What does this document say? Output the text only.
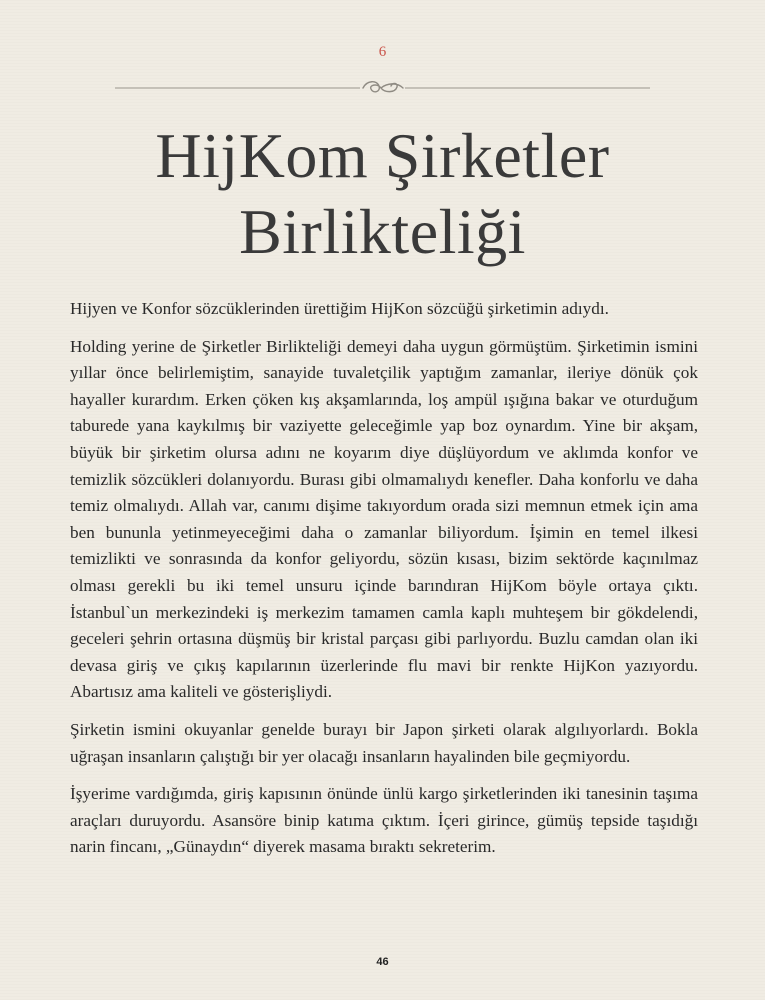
6
HijKom Şirketler
Birlikteliği

Hijyen ve Konfor sözcüklerinden ürettiğim HijKon sözcüğü şirketimin adıydı.

Holding yerine de Şirketler Birlikteliği demeyi daha uygun görmüştüm. Şirketimin ismini yıllar önce belirlemiştim, sanayide tuvaletçilik yaptığım zamanlar, ileriye dönük çok hayaller kurardım. Erken çöken kış akşamlarında, loş ampül ışığına bakar ve oturduğum taburede yana kaykılmış bir vaziyette geleceğimle yap boz oynardım. Yine bir akşam, büyük bir şirketim olursa adını ne koyarım diye düşlüyordum ve aklımda konfor ve temizlik sözcükleri dolanıyordu. Burası gibi olmamalıydı kenefler. Daha konforlu ve daha temiz olmalıydı. Allah var, canımı dişime takıyordum orada sizi memnun etmek için ama ben bununla yetinmeyeceğimi daha o zamanlar biliyordum. İşimin en temel ilkesi temizlikti ve sonrasında da konfor geliyordu, sözün kısası, bizim sektörde kaçınılmaz olması gerekli bu iki temel unsuru içinde barındıran HijKom böyle ortaya çıktı. İstanbul`un merkezindeki iş merkezim tamamen camla kaplı muhteşem bir gökdelendi, geceleri şehrin ortasına düşmüş bir kristal parçası gibi parlıyordu. Buzlu camdan olan iki devasa giriş ve çıkış kapılarının üzerlerinde flu mavi bir renkte HijKon yazıyordu. Abartısız ama kaliteli ve gösterişliydi.

Şirketin ismini okuyanlar genelde burayı bir Japon şirketi olarak algılıyorlardı. Bokla uğraşan insanların çalıştığı bir yer olacağı insanların hayalinden bile geçmiyordu.

İşyerime vardığımda, giriş kapısının önünde ünlü kargo şirketlerinden iki tanesinin taşıma araçları duruyordu. Asansöre binip katıma çıktım. İçeri girince, gümüş tepside taşıdığı narin fincanı, „Günaydın“ diyerek masama bıraktı sekreterim.

46
